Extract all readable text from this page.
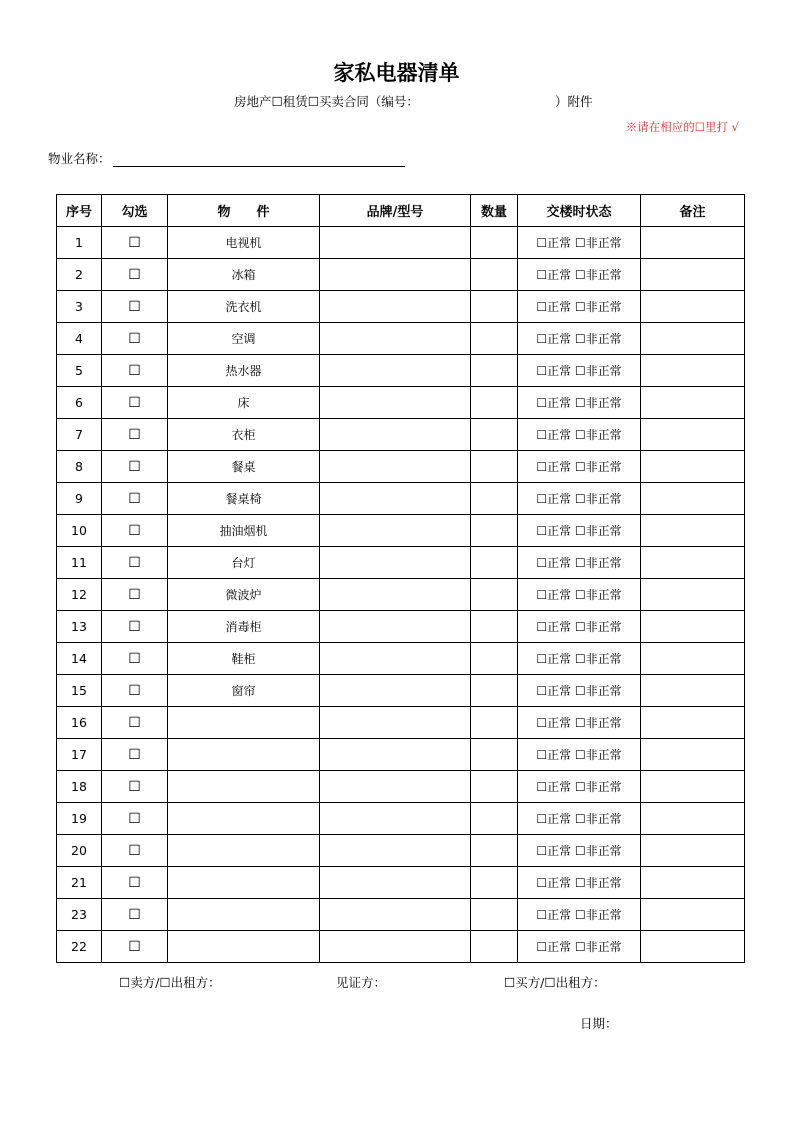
家私电器清单
房地产☐租赁☐买卖合同（编号：	）附件
※请在相应的☐里打 √
物业名称：
序号	勾选	物　　件	品牌/型号	数量	交楼时状态	备注
1	☐	电视机			☐正常 ☐非正常	
2	☐	冰箱			☐正常 ☐非正常	
3	☐	洗衣机			☐正常 ☐非正常	
4	☐	空调			☐正常 ☐非正常	
5	☐	热水器			☐正常 ☐非正常	
6	☐	床			☐正常 ☐非正常	
7	☐	衣柜			☐正常 ☐非正常	
8	☐	餐桌			☐正常 ☐非正常	
9	☐	餐桌椅			☐正常 ☐非正常	
10	☐	抽油烟机			☐正常 ☐非正常	
11	☐	台灯			☐正常 ☐非正常	
12	☐	微波炉			☐正常 ☐非正常	
13	☐	消毒柜			☐正常 ☐非正常	
14	☐	鞋柜			☐正常 ☐非正常	
15	☐	窗帘			☐正常 ☐非正常	
16	☐				☐正常 ☐非正常	
17	☐				☐正常 ☐非正常	
18	☐				☐正常 ☐非正常	
19	☐				☐正常 ☐非正常	
20	☐				☐正常 ☐非正常	
21	☐				☐正常 ☐非正常	
23	☐				☐正常 ☐非正常	
22	☐				☐正常 ☐非正常	
☐卖方/☐出租方：	见证方：	☐买方/☐出租方：
日期：
